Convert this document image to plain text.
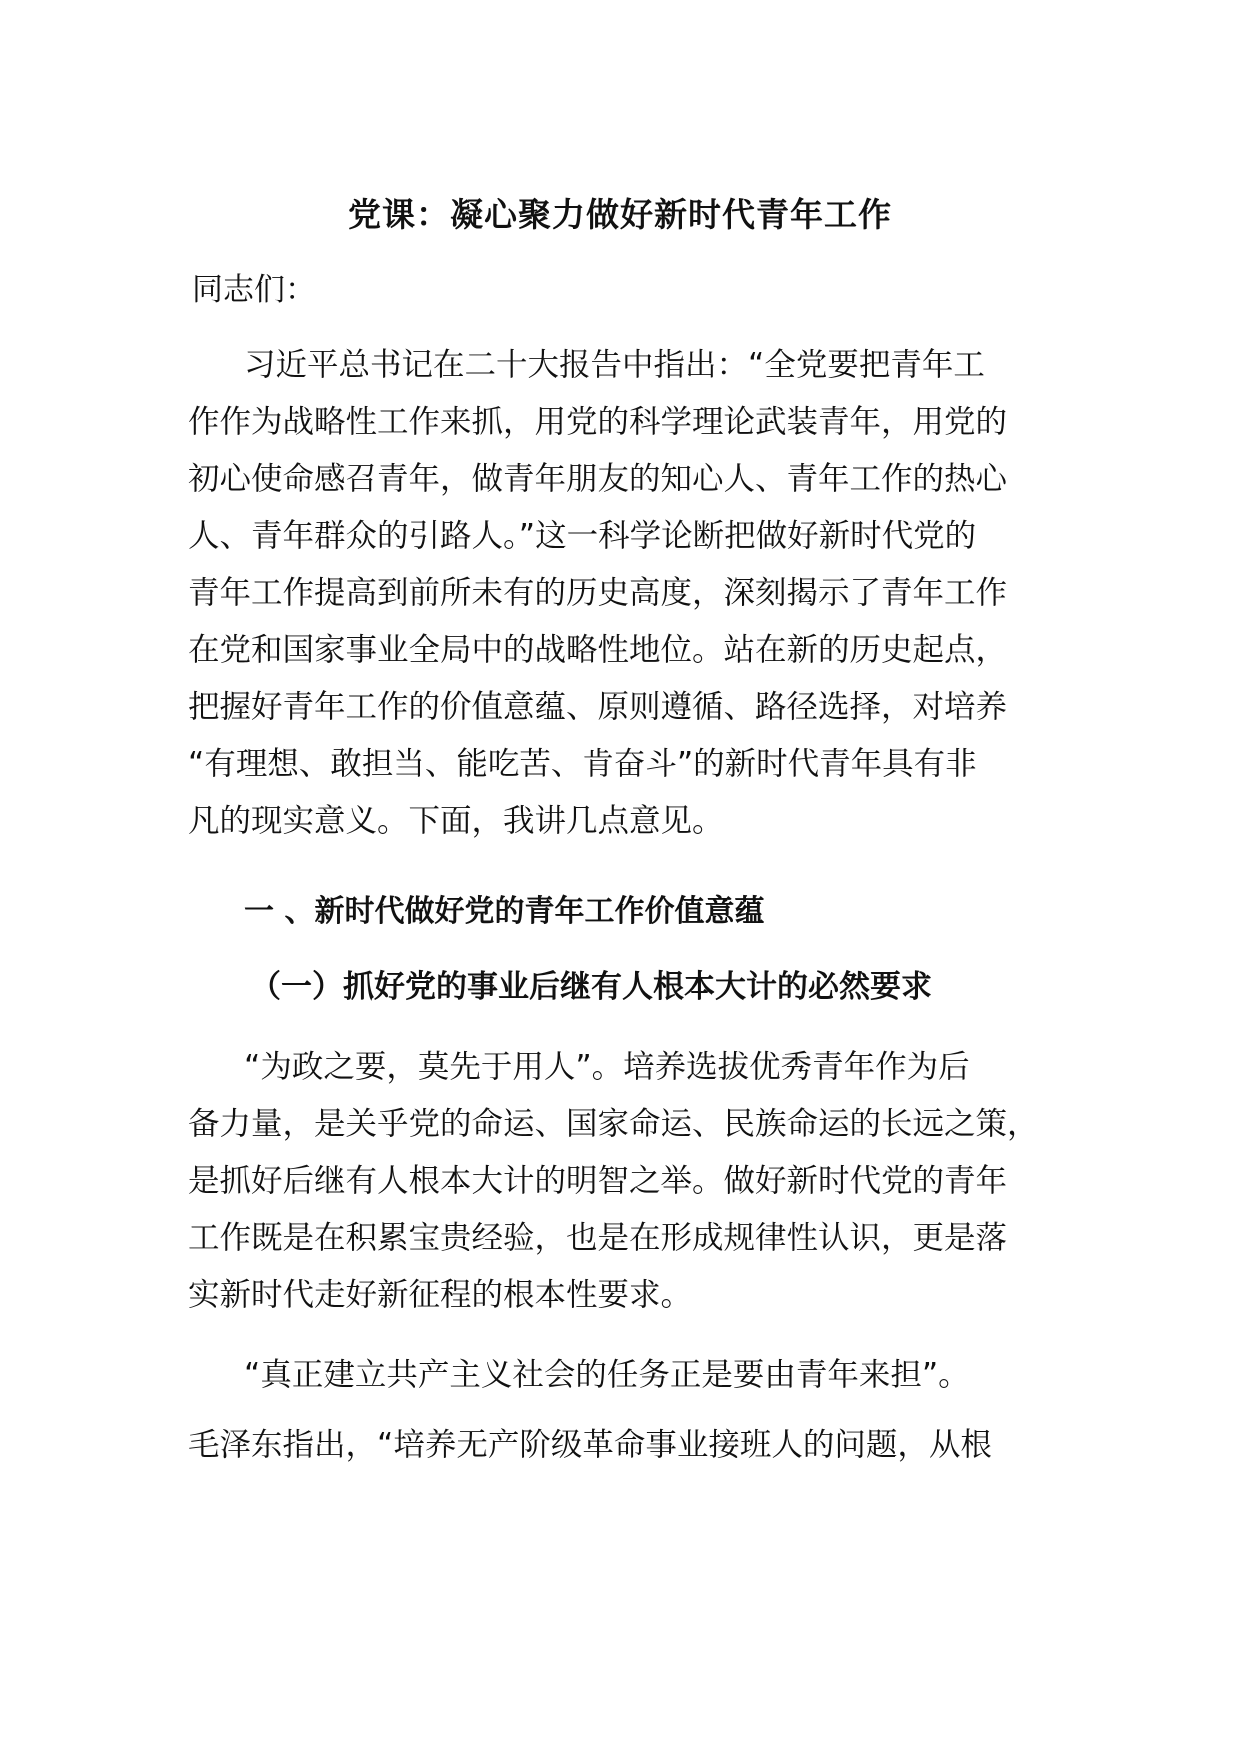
党课：凝心聚力做好新时代青年工作
同志们：
习近平总书记在二十大报告中指出：“全党要把青年工
作作为战略性工作来抓，用党的科学理论武装青年，用党的
初心使命感召青年，做青年朋友的知心人、青年工作的热心
人、青年群众的引路人。”这一科学论断把做好新时代党的
青年工作提高到前所未有的历史高度，深刻揭示了青年工作
在党和国家事业全局中的战略性地位。站在新的历史起点，
把握好青年工作的价值意蕴、原则遵循、路径选择，对培养
“有理想、敢担当、能吃苦、肯奋斗”的新时代青年具有非
凡的现实意义。下面，我讲几点意见。
一 、新时代做好党的青年工作价值意蕴
（一）抓好党的事业后继有人根本大计的必然要求
“为政之要，莫先于用人”。培养选拔优秀青年作为后
备力量，是关乎党的命运、国家命运、民族命运的长远之策，
是抓好后继有人根本大计的明智之举。做好新时代党的青年
工作既是在积累宝贵经验，也是在形成规律性认识，更是落
实新时代走好新征程的根本性要求。
“真正建立共产主义社会的任务正是要由青年来担”。
毛泽东指出，“培养无产阶级革命事业接班人的问题，从根
